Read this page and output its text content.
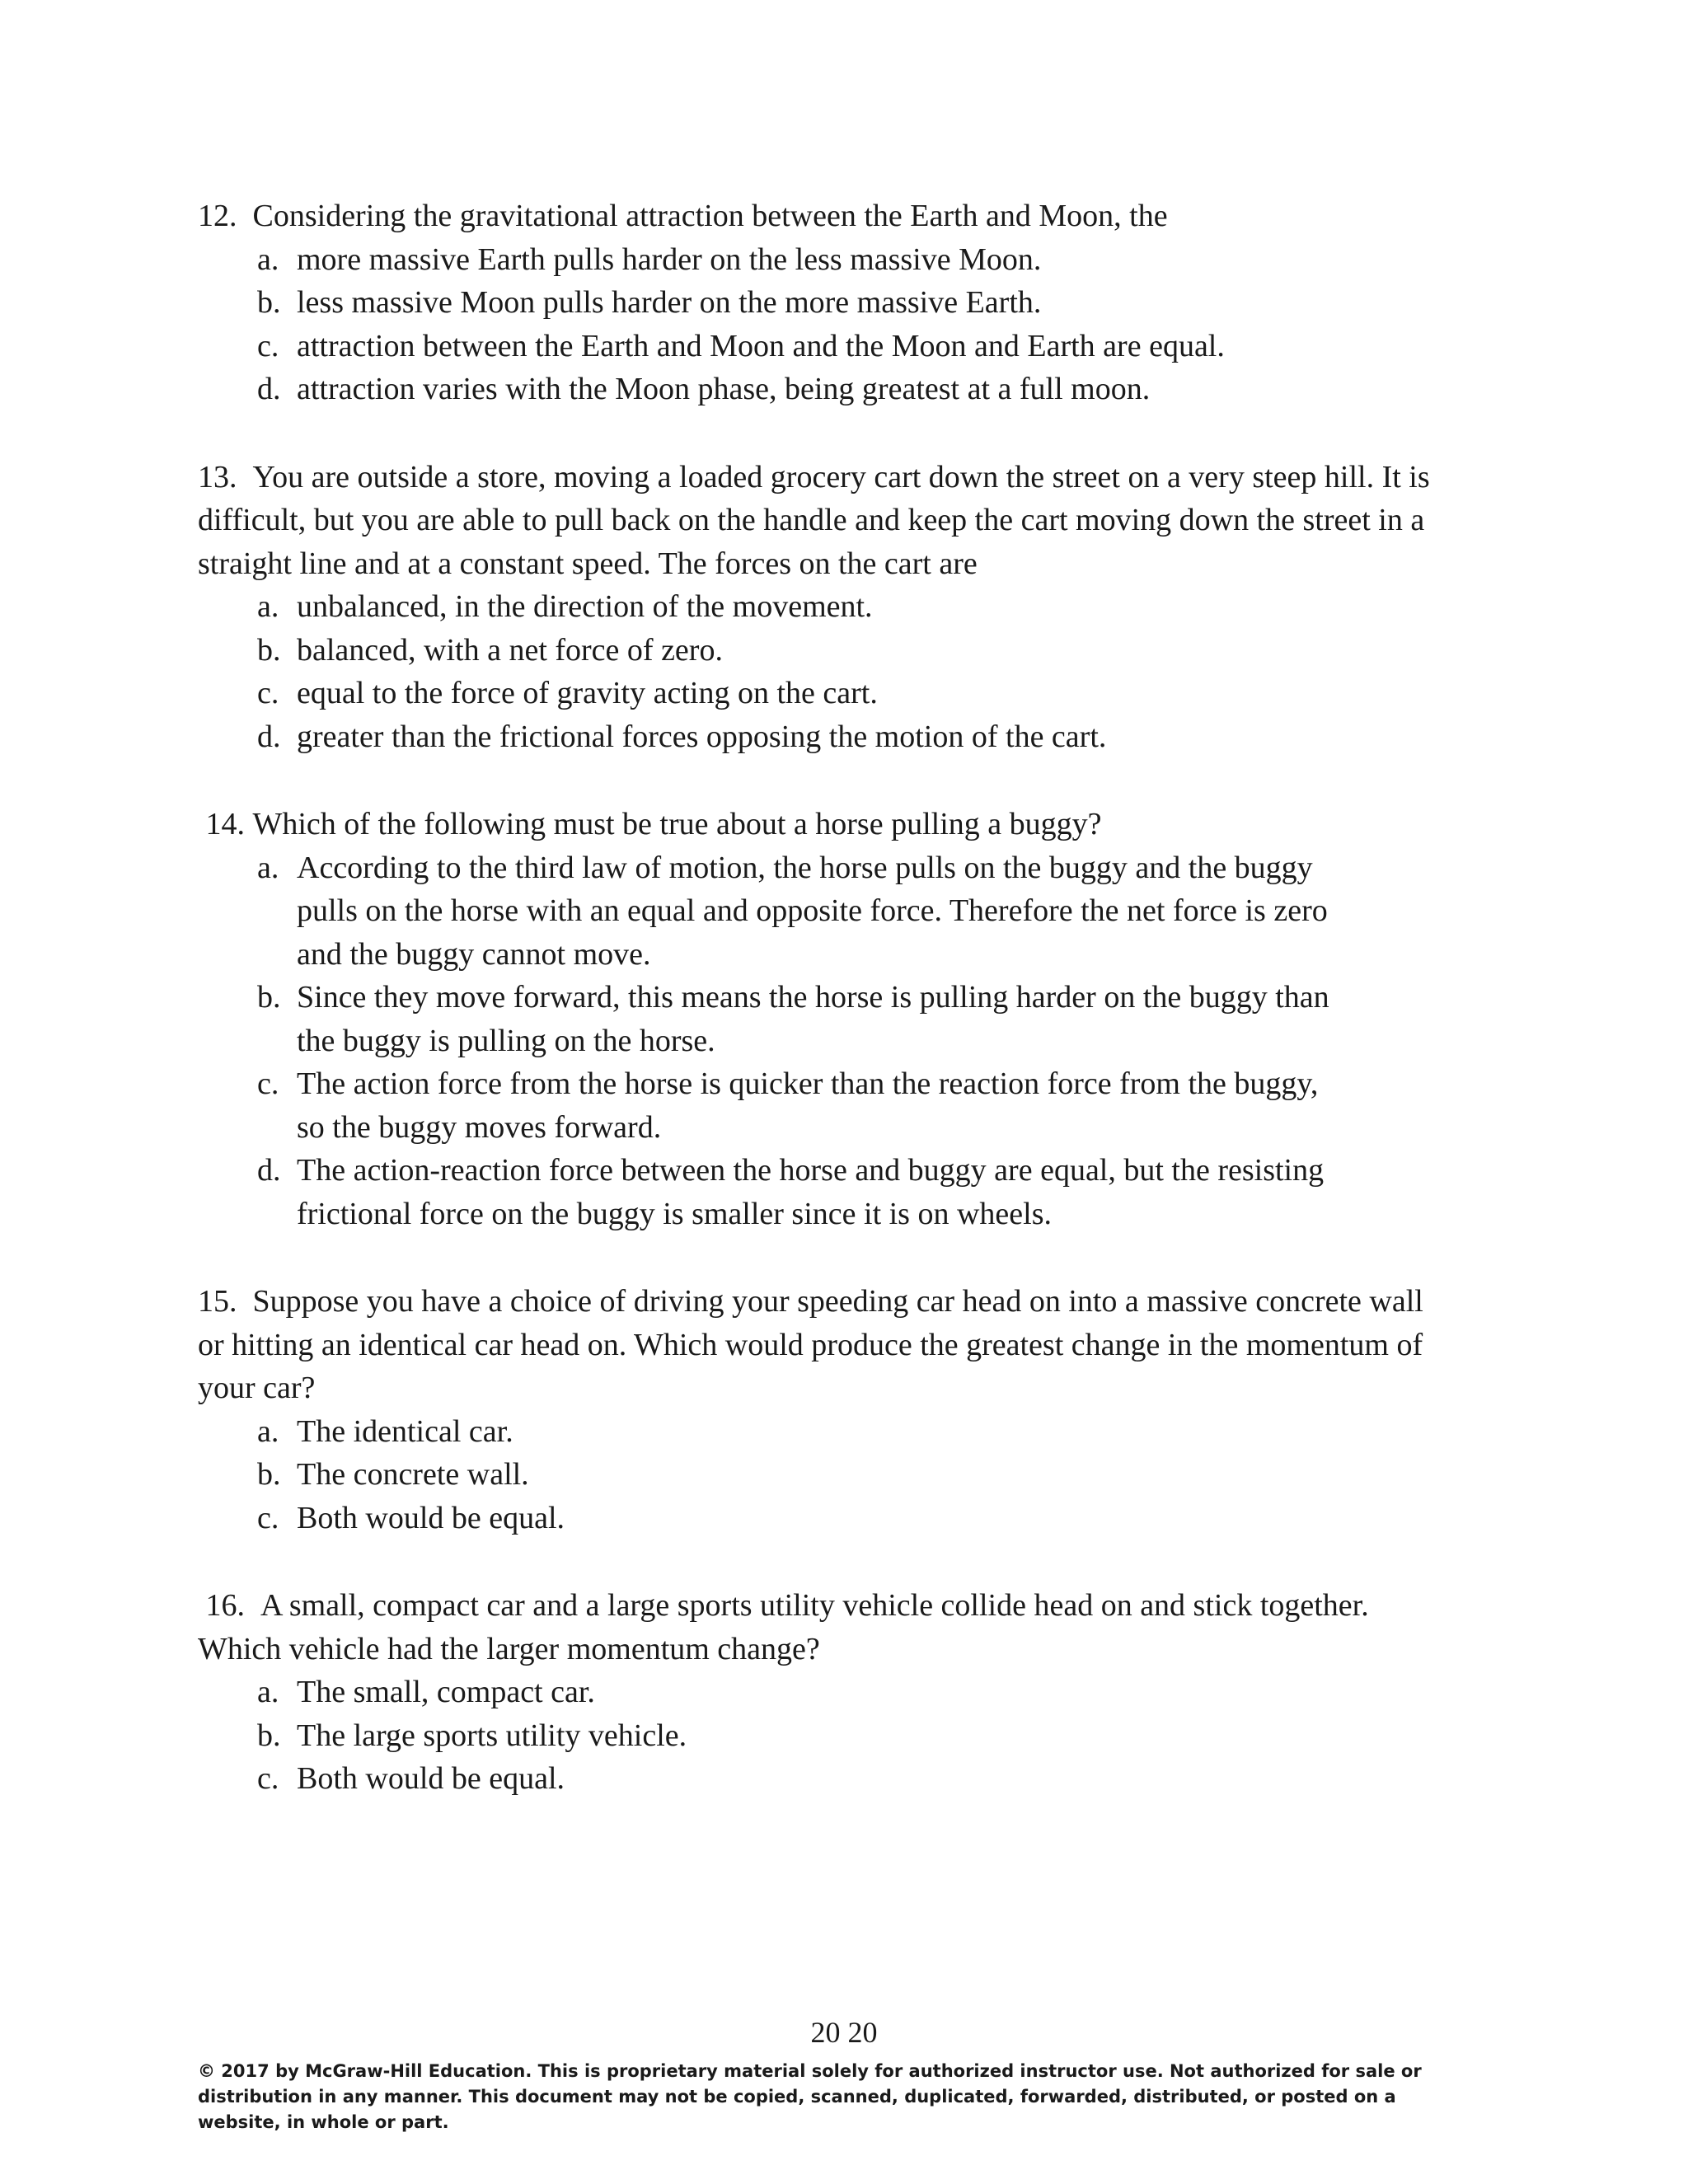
12. Considering the gravitational attraction between the Earth and Moon, the

a. more massive Earth pulls harder on the less massive Moon.
b. less massive Moon pulls harder on the more massive Earth.
c. attraction between the Earth and Moon and the Moon and Earth are equal.
d. attraction varies with the Moon phase, being greatest at a full moon.

13. You are outside a store, moving a loaded grocery cart down the street on a very steep hill. It is difficult, but you are able to pull back on the handle and keep the cart moving down the street in a straight line and at a constant speed. The forces on the cart are

a. unbalanced, in the direction of the movement.
b. balanced, with a net force of zero.
c. equal to the force of gravity acting on the cart.
d. greater than the frictional forces opposing the motion of the cart.

14. Which of the following must be true about a horse pulling a buggy?

a. According to the third law of motion, the horse pulls on the buggy and the buggy pulls on the horse with an equal and opposite force. Therefore the net force is zero and the buggy cannot move.
b. Since they move forward, this means the horse is pulling harder on the buggy than the buggy is pulling on the horse.
c. The action force from the horse is quicker than the reaction force from the buggy, so the buggy moves forward.
d. The action-reaction force between the horse and buggy are equal, but the resisting frictional force on the buggy is smaller since it is on wheels.

15. Suppose you have a choice of driving your speeding car head on into a massive concrete wall or hitting an identical car head on. Which would produce the greatest change in the momentum of your car?

a. The identical car.
b. The concrete wall.
c. Both would be equal.

16. A small, compact car and a large sports utility vehicle collide head on and stick together. Which vehicle had the larger momentum change?

a. The small, compact car.
b. The large sports utility vehicle.
c. Both would be equal.
20 20
© 2017 by McGraw-Hill Education. This is proprietary material solely for authorized instructor use. Not authorized for sale or distribution in any manner. This document may not be copied, scanned, duplicated, forwarded, distributed, or posted on a website, in whole or part.
